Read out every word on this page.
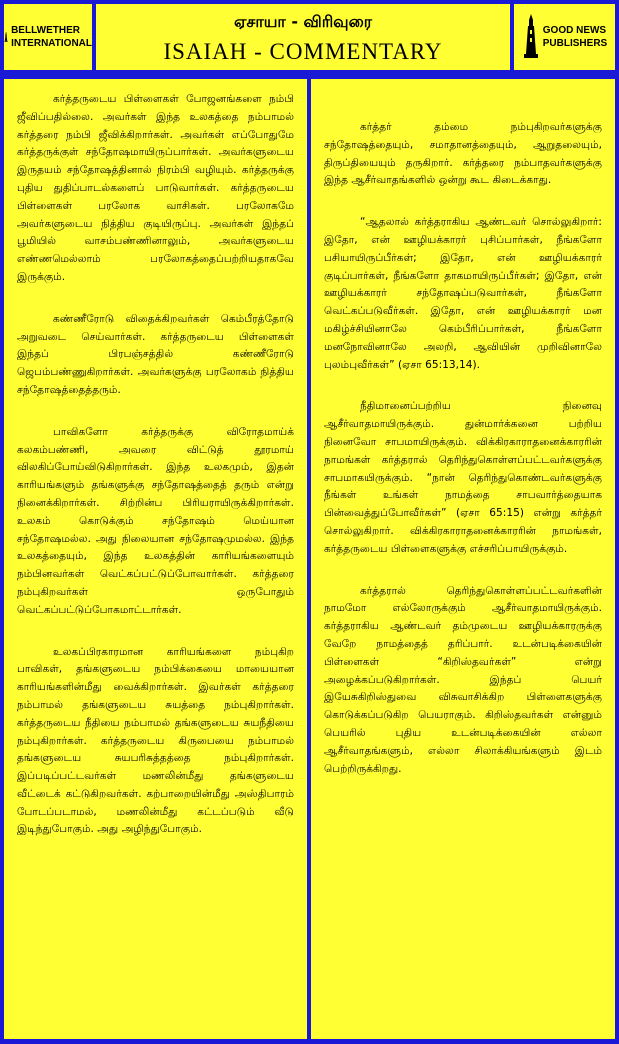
BELLWETHER
INTERNATIONAL
ஏசாயா - விரிவுரை
ISAIAH - COMMENTARY
GOOD NEWS
PUBLISHERS

கர்த்தருடைய பிள்ளைகள் போஜனங்களை நம்பி ஜீவிப்பதில்லை. அவர்கள் இந்த உலகத்தை நம்பாமல் கர்த்தரை நம்பி ஜீவிக்கிறார்கள். அவர்கள் எப்போதுமே கர்த்தருக்குள் சந்தோஷமாயிருப்பார்கள். அவர்களுடைய இருதயம் சந்தோஷத்தினால் நிரம்பி வழியும். கர்த்தருக்கு புதிய துதிப்பாடல்களைப் பாடுவார்கள். கர்த்தருடைய பிள்ளைகள் பரலோக வாசிகள். பரலோகமே அவர்களுடைய நித்திய குடியிருப்பு. அவர்கள் இந்தப் பூமியில் வாசம்பண்ணினாலும், அவர்களுடைய எண்ணமெல்லாம் பரலோகத்தைப்பற்றியதாகவே இருக்கும்.

கண்ணீரோடு விதைக்கிறவர்கள் கெம்பீரத்தோடு அறுவடை செய்வார்கள். கர்த்தருடைய பிள்ளைகள் இந்தப் பிரபஞ்சத்தில் கண்ணீரோடு ஜெபம்பண்ணுகிறார்கள். அவர்களுக்கு பரலோகம் நித்திய சந்தோஷத்தைத்தரும்.

பாவிகளோ கர்த்தருக்கு விரோதமாய்க் கலகம்பண்ணி, அவரை விட்டுத் தூரமாய் விலகிப்போய்விடுகிறார்கள். இந்த உலகமும், இதன் காரியங்களும் தங்களுக்கு சந்தோஷத்தைத் தரும் என்று நினைக்கிறார்கள். சிற்றின்ப பிரியராயிருக்கிறார்கள். உலகம் கொடுக்கும் சந்தோஷம் மெய்யான சந்தோஷமல்ல. அது நிலையான சந்தோஷமுமல்ல. இந்த உலகத்தையும், இந்த உலகத்தின் காரியங்களையும் நம்பினவர்கள் வெட்கப்பட்டுப்போவார்கள். கர்த்தரை நம்புகிறவர்கள் ஒருபோதும் வெட்கப்பட்டுப்போகமாட்டார்கள்.

உலகப்பிரகாரமான காரியங்களை நம்புகிற பாவிகள், தங்களுடைய நம்பிக்கையை மாயையான காரியங்களின்மீது வைக்கிறார்கள். இவர்கள் கர்த்தரை நம்பாமல் தங்களுடைய சுயத்தை நம்புகிறார்கள். கர்த்தருடைய நீதியை நம்பாமல் தங்களுடைய சுயநீதியை நம்புகிறார்கள். கர்த்தருடைய கிருபையை நம்பாமல் தங்களுடைய சுயபரிசுத்தத்தை நம்புகிறார்கள். இப்படிப்பட்டவர்கள் மணலின்மீது தங்களுடைய வீட்டைக் கட்டுகிறவர்கள். கற்பாறையின்மீது அஸ்திபாரம் போடப்படாமல், மணலின்மீது கட்டப்படும் வீடு இடிந்துபோகும். அது அழிந்துபோகும்.

கர்த்தர் தம்மை நம்புகிறவர்களுக்கு சந்தோஷத்தையும், சமாதானத்தையும், ஆறுதலையும், திருப்தியையும் தருகிறார். கர்த்தரை நம்பாதவர்களுக்கு இந்த ஆசீர்வாதங்களில் ஒன்று கூட கிடைக்காது.

“ஆதலால் கர்த்தராகிய ஆண்டவர் சொல்லுகிறார்: இதோ, என் ஊழியக்காரர் புசிப்பார்கள், நீங்களோ பசியாயிருப்பீர்கள்; இதோ, என் ஊழியக்காரர் குடிப்பார்கள், நீங்களோ தாகமாயிருப்பீர்கள்; இதோ, என் ஊழியக்காரர் சந்தோஷப்படுவார்கள், நீங்களோ வெட்கப்படுவீர்கள். இதோ, என் ஊழியக்காரர் மன மகிழ்ச்சியினாலே கெம்பீரிப்பார்கள், நீங்களோ மனநோவினாலே அலறி, ஆவியின் முறிவினாலே புலம்புவீர்கள்” (ஏசா 65:13,14).

நீதிமானைப்பற்றிய நினைவு ஆசீர்வாதமாயிருக்கும். துன்மார்க்கனை பற்றிய நினைவோ சாபமாயிருக்கும். விக்கிரகாராதனைக்காரரின் நாமங்கள் கர்த்தரால் தெரிந்துகொள்ளப்பட்டவர்களுக்கு சாபமாகயிருக்கும். “நான் தெரிந்துகொண்டவர்களுக்கு நீங்கள் உங்கள் நாமத்தை சாபவார்த்தையாக பின்வைத்துப்போவீர்கள்” (ஏசா 65:15) என்று கர்த்தர் சொல்லுகிறார். விக்கிரகாராதனைக்காரரின் நாமங்கள், கர்த்தருடைய பிள்ளைகளுக்கு எச்சரிப்பாயிருக்கும்.

கர்த்தரால் தெரிந்துகொள்ளப்பட்டவர்களின் நாமமோ எல்லோருக்கும் ஆசீர்வாதமாயிருக்கும். கர்த்தராகிய ஆண்டவர் தம்முடைய ஊழியக்காரருக்கு வேறே நாமத்தைத் தரிப்பார். உடன்படிக்கையின் பிள்ளைகள் “கிறிஸ்தவர்கள்” என்று அழைக்கப்படுகிறார்கள். இந்தப் பெயர் இயேசுகிறிஸ்துவை விசுவாசிக்கிற பிள்ளைகளுக்கு கொடுக்கப்படுகிற பெயராகும். கிறிஸ்தவர்கள் என்னும் பெயரில் புதிய உடன்படிக்கையின் எல்லா ஆசீர்வாதங்களும், எல்லா சிலாக்கியங்களும் இடம் பெற்றிருக்கிறது.
